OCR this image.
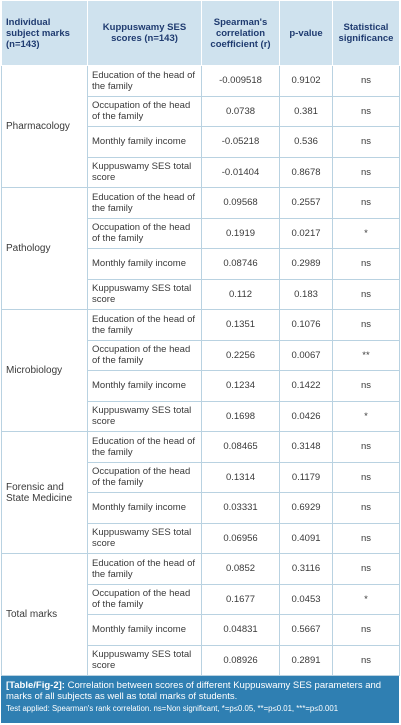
Individual subject marks (n=143)	Kuppuswamy SES scores (n=143)	Spearman's correlation coefficient (r)	p-value	Statistical significance
Pharmacology	Education of the head of the family	-0.009518	0.9102	ns
	Occupation of the head of the family	0.0738	0.381	ns
	Monthly family income	-0.05218	0.536	ns
	Kuppuswamy SES total score	-0.01404	0.8678	ns
Pathology	Education of the head of the family	0.09568	0.2557	ns
	Occupation of the head of the family	0.1919	0.0217	*
	Monthly family income	0.08746	0.2989	ns
	Kuppuswamy SES total score	0.112	0.183	ns
Microbiology	Education of the head of the family	0.1351	0.1076	ns
	Occupation of the head of the family	0.2256	0.0067	**
	Monthly family income	0.1234	0.1422	ns
	Kuppuswamy SES total score	0.1698	0.0426	*
Forensic and State Medicine	Education of the head of the family	0.08465	0.3148	ns
	Occupation of the head of the family	0.1314	0.1179	ns
	Monthly family income	0.03331	0.6929	ns
	Kuppuswamy SES total score	0.06956	0.4091	ns
Total marks	Education of the head of the family	0.0852	0.3116	ns
	Occupation of the head of the family	0.1677	0.0453	*
	Monthly family income	0.04831	0.5667	ns
	Kuppuswamy SES total score	0.08926	0.2891	ns
[Table/Fig-2]: Correlation between scores of different Kuppuswamy SES parameters and marks of all subjects as well as total marks of students.
Test applied: Spearman's rank correlation. ns=Non significant, *=p≤0.05, **=p≤0.01, ***=p≤0.001
